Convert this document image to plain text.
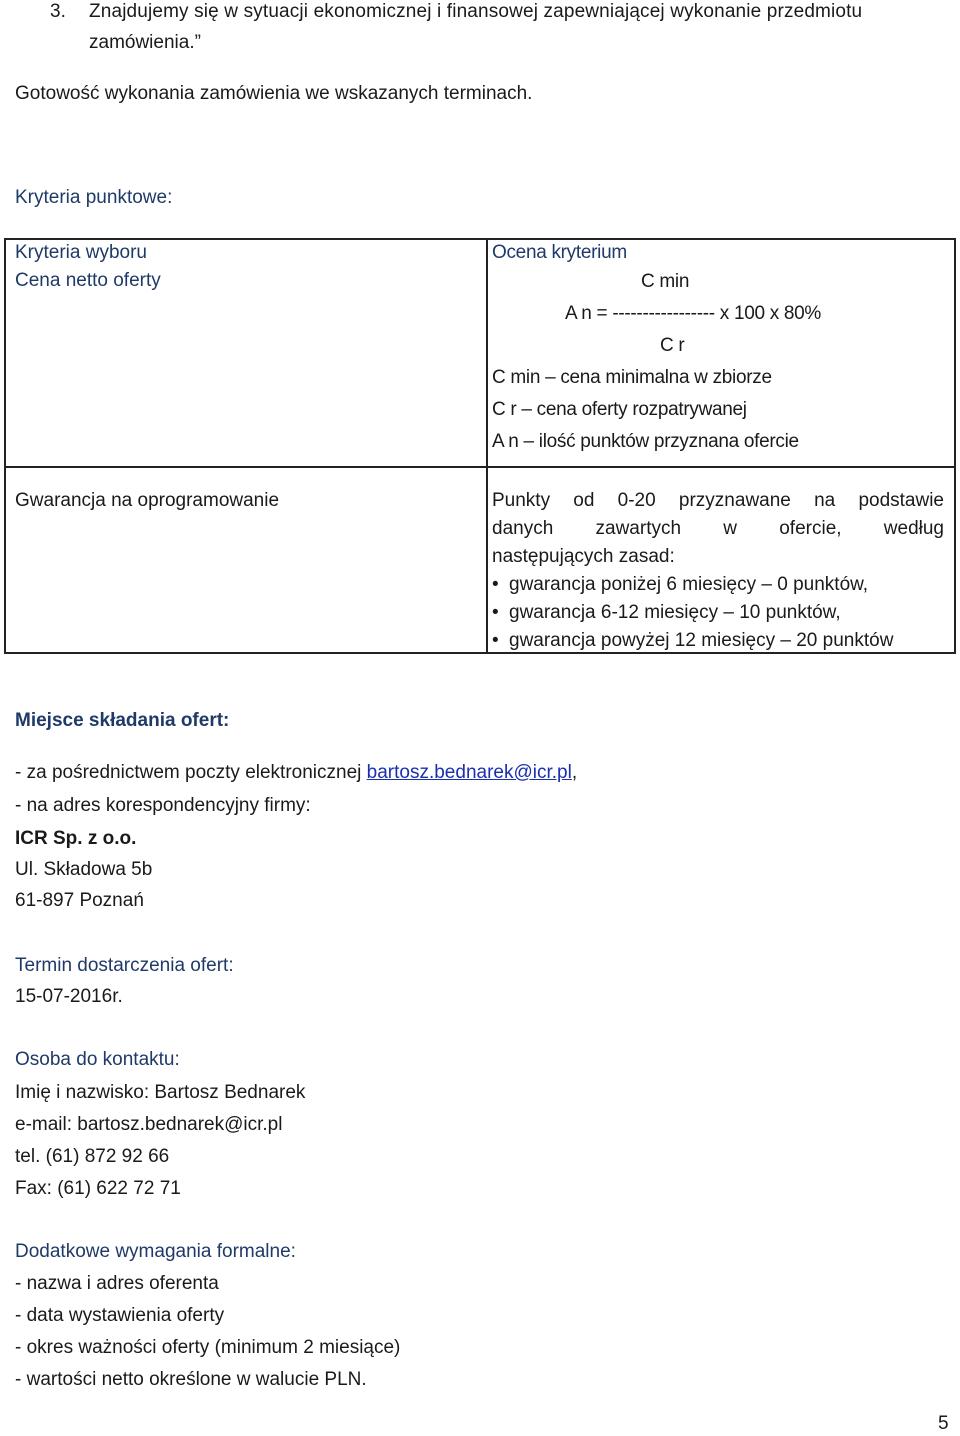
3. Znajdujemy się w sytuacji ekonomicznej i finansowej zapewniającej wykonanie przedmiotu
zamówienia.”
Gotowość wykonania zamówienia we wskazanych terminach.
Kryteria punktowe:
Kryteria wyboru
Cena netto oferty
Ocena kryterium
C min
A n = ----------------- x 100 x 80%
C r
C min – cena minimalna w zbiorze
C r – cena oferty rozpatrywanej
A n – ilość punktów przyznana ofercie
Gwarancja na oprogramowanie	Punkty od 0-20 przyznawane na podstawie
danych zawartych w ofercie, według
następujących zasad:
• gwarancja poniżej 6 miesięcy – 0 punktów,
• gwarancja 6-12 miesięcy – 10 punktów,
• gwarancja powyżej 12 miesięcy – 20 punktów
Miejsce składania ofert:
- za pośrednictwem poczty elektronicznej bartosz.bednarek@icr.pl,
- na adres korespondencyjny firmy:
ICR Sp. z o.o.
Ul. Składowa 5b
61-897 Poznań
Termin dostarczenia ofert:
15-07-2016r.
Osoba do kontaktu:
Imię i nazwisko: Bartosz Bednarek
e-mail: bartosz.bednarek@icr.pl
tel. (61) 872 92 66
Fax: (61) 622 72 71
Dodatkowe wymagania formalne:
- nazwa i adres oferenta
- data wystawienia oferty
- okres ważności oferty (minimum 2 miesiące)
- wartości netto określone w walucie PLN.
5
